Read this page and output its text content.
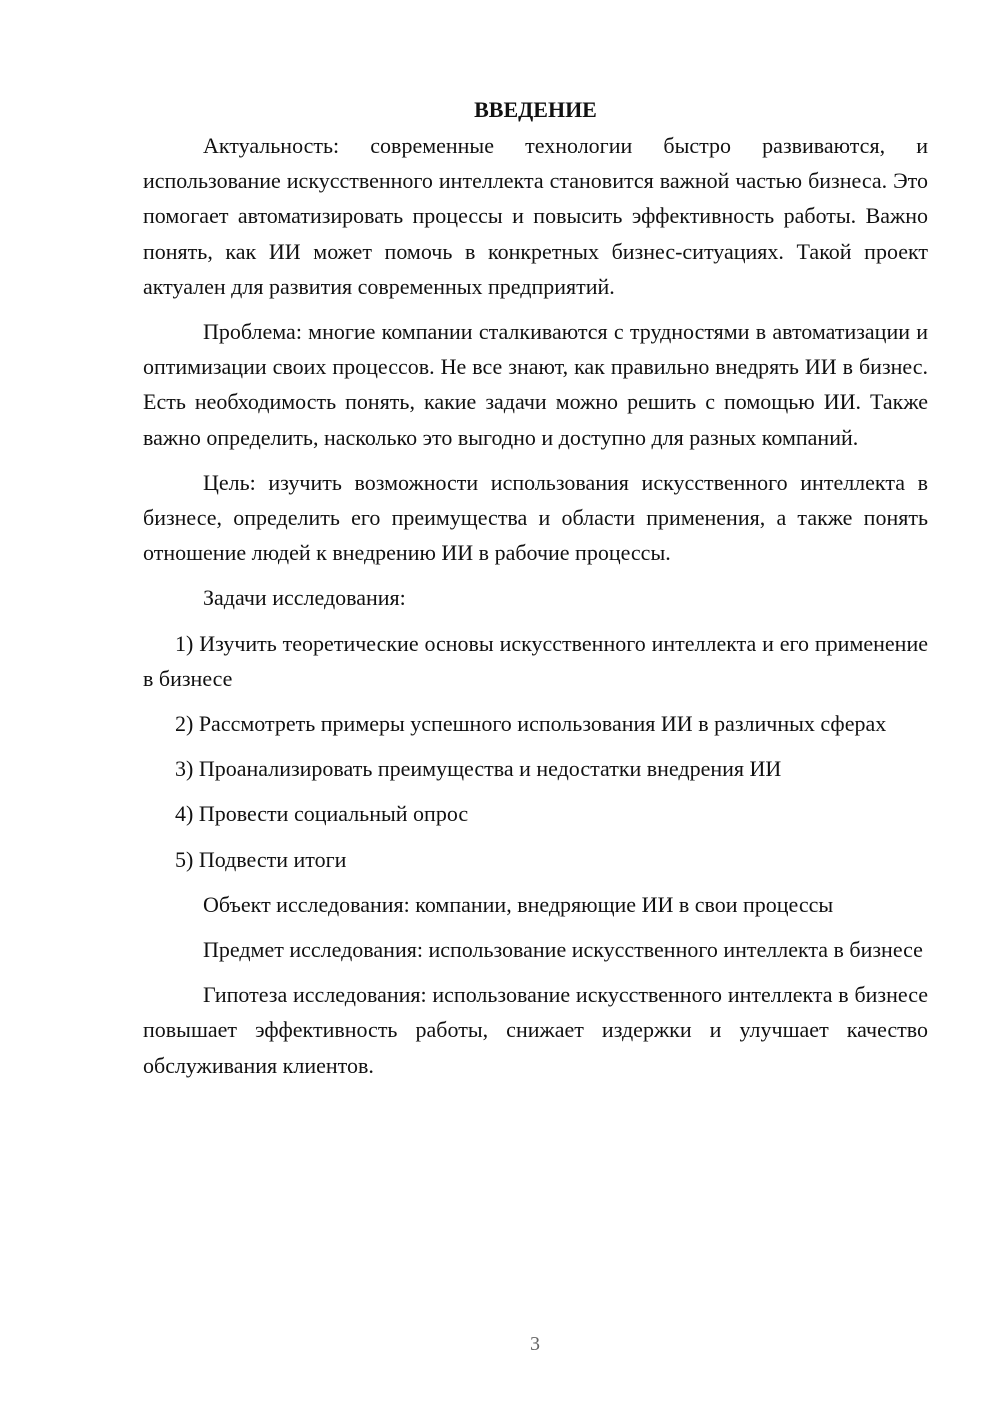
ВВЕДЕНИЕ

Актуальность: современные технологии быстро развиваются, и использование искусственного интеллекта становится важной частью бизнеса. Это помогает автоматизировать процессы и повысить эффективность работы. Важно понять, как ИИ может помочь в конкретных бизнес-ситуациях. Такой проект актуален для развития современных предприятий.

Проблема: многие компании сталкиваются с трудностями в автоматизации и оптимизации своих процессов. Не все знают, как правильно внедрять ИИ в бизнес. Есть необходимость понять, какие задачи можно решить с помощью ИИ. Также важно определить, насколько это выгодно и доступно для разных компаний.

Цель: изучить возможности использования искусственного интеллекта в бизнесе, определить его преимущества и области применения, а также понять отношение людей к внедрению ИИ в рабочие процессы.

Задачи исследования:

1) Изучить теоретические основы искусственного интеллекта и его применение в бизнесе

2) Рассмотреть примеры успешного использования ИИ в различных сферах

3) Проанализировать преимущества и недостатки внедрения ИИ

4) Провести социальный опрос

5) Подвести итоги

Объект исследования: компании, внедряющие ИИ в свои процессы

Предмет исследования: использование искусственного интеллекта в бизнесе

Гипотеза исследования: использование искусственного интеллекта в бизнесе повышает эффективность работы, снижает издержки и улучшает качество обслуживания клиентов.

3
